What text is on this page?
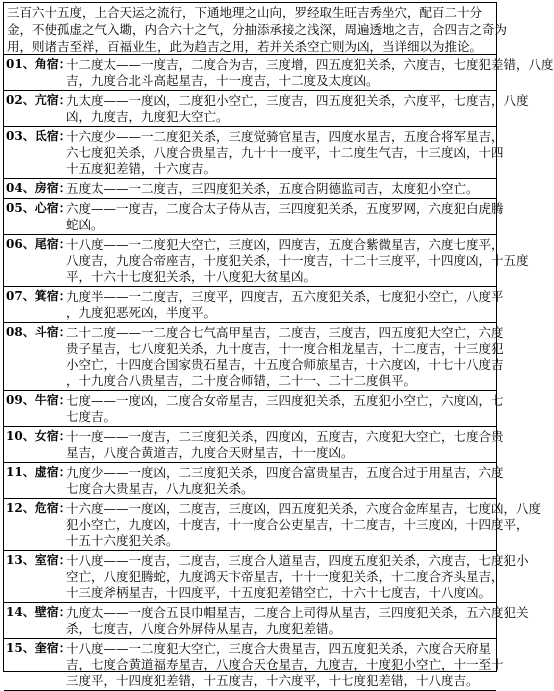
三百六十五度，上合天运之流行，下通地理之山向，罗经取生旺吉秀坐穴，配百二十分
金，不使孤虚之气入墈，内合六十之气，分抽添承接之浅深，周遍透地之吉，合四吉之奇为
用，则诸吉至祥，百福业生，此为趋吉之用，若并关杀空亡则为凶，当详细以为推论。
01、角宿：
十二度太——一度吉，二度合为吉，三度增，四五度犯关杀，六度吉，七度犯差错，八度
吉，九度合北斗高起星吉，十一度吉，十二度及太度凶。
02、亢宿：
九太度——一度凶，二度犯小空亡，三度吉，四五度犯关杀，六度平，七度吉，八度
凶，九度吉，九度犯大空亡。
03、氐宿：
十六度少——一二度犯关杀，三度觉骑官星吉，四度水星吉，五度合将军星吉，
六七度犯关杀，八度合贵星吉，九十十一度平，十二度生气吉，十三度凶，十四
十五度犯差错，十六度吉。
04、房宿：
五度太——一二度吉，三四度犯关杀，五度合阴德监司吉，太度犯小空亡。
05、心宿：
六度——一度吉，二度合太子侍从吉，三四度犯关杀，五度罗网，六度犯白虎腾
蛇凶。
06、尾宿：
十八度——一二度犯大空亡，三度凶，四度吉，五度合紫微星吉，六度七度平，
八度吉，九度合帝座吉，十度犯关杀，十一度吉，十二十三度平，十四度凶，十五度
平，十六十七度犯关杀，十八度犯大贫星凶。
07、箕宿：
九度半——一二度吉，三度平，四度吉，五六度犯关杀，七度犯小空亡，八度平
，九度犯恶死凶，半度平。
08、斗宿：
二十二度——一二度合七气高甲星吉，二度吉，三度吉，四五度犯大空亡，六度
贵子星吉，七八度犯关杀，九十度吉，十一度合相龙星吉，十二度吉，十三度犯
小空亡，十四度合国家贵石星吉，十五度合师旅星吉，十六度凶，十七十八度吉
，十九度合八贵星吉，二十度合师错，二十一、二十二度俱平。
09、牛宿：
七度——一度凶，二度合女帝星吉，三四度犯关杀，五度犯小空亡，六度凶，七
七度吉。
10、女宿：
十一度——一度吉，二三度犯关杀，四度凶，五度吉，六度犯大空亡，七度合贵
星吉，八度合黄道吉，九度合天财星吉，十一度凶。
11、虚宿：
九度少——一度凶，二三度犯关杀，四度合富贵星吉，五度合过于用星吉，六度
七度合大贵星吉，八九度犯关杀。
12、危宿：
十六度——一度凶，二度吉，三度凶，四五度犯关杀，六度合金库星吉，七度凶，八度
犯小空亡，九度凶，十度吉，十一度合公吏星吉，十二度吉，十三度凶，十四度平，
十五十六度犯关杀。
13、室宿：
十八度——一度吉，二度吉，三度合人道星吉，四度五度犯关杀，六度吉，七度犯小
空亡，八度犯腾蛇，九度鸿天卞帝星吉，十十一度犯关杀，十二度合齐头星吉，
十三度斧柄星吉，十四度平，十五度犯差错空亡，十六十七度吉，十八度凶。
14、壁宿：
九度太——一度合五艮巾帽星吉，二度合上司得从星吉，三四度犯关杀，五六度犯关
杀，七度吉，八度合外屏侍从星吉，九度犯差错。
15、奎宿：
十八度——一二度犯大空亡，三度合大贵星吉，四五度犯关杀，六度合天府星
吉，七度合黄道福寿星吉，八度合天仓星吉，九度吉，十度犯小空亡，十一至十
三度平，十四度犯差错，十五度吉，十六度平，十七度犯差错，十八度吉。
